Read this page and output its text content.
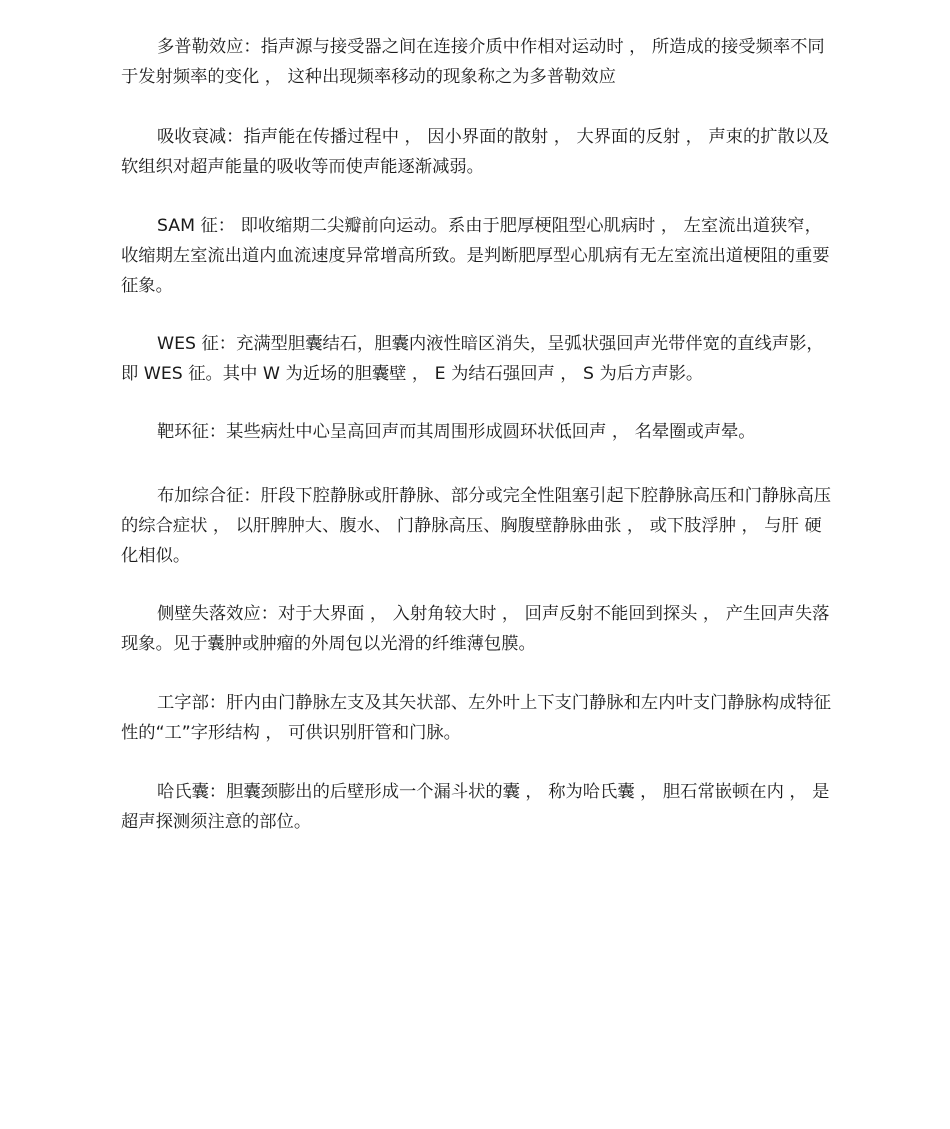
多普勒效应：指声源与接受器之间在连接介质中作相对运动时 ， 所造成的接受频率不同于发射频率的变化 ， 这种出现频率移动的现象称之为多普勒效应

吸收衰减：指声能在传播过程中 ， 因小界面的散射 ， 大界面的反射 ， 声束的扩散以及软组织对超声能量的吸收等而使声能逐渐减弱。

SAM 征： 即收缩期二尖瓣前向运动。系由于肥厚梗阻型心肌病时 ， 左室流出道狭窄，收缩期左室流出道内血流速度异常增高所致。是判断肥厚型心肌病有无左室流出道梗阻的重要征象。

WES 征：充满型胆囊结石，胆囊内液性暗区消失，呈弧状强回声光带伴宽的直线声影，即 WES 征。其中 W 为近场的胆囊壁 ， E 为结石强回声 ， S 为后方声影。

靶环征：某些病灶中心呈高回声而其周围形成圆环状低回声 ， 名晕圈或声晕。

布加综合征：肝段下腔静脉或肝静脉、部分或完全性阻塞引起下腔静脉高压和门静脉高压的综合症状 ， 以肝脾肿大、腹水、 门静脉高压、胸腹壁静脉曲张 ， 或下肢浮肿 ， 与肝 硬化相似。

侧壁失落效应：对于大界面 ， 入射角较大时 ， 回声反射不能回到探头 ， 产生回声失落现象。见于囊肿或肿瘤的外周包以光滑的纤维薄包膜。

工字部：肝内由门静脉左支及其矢状部、左外叶上下支门静脉和左内叶支门静脉构成特征性的“工”字形结构 ， 可供识别肝管和门脉。

哈氏囊：胆囊颈膨出的后壁形成一个漏斗状的囊 ， 称为哈氏囊 ， 胆石常嵌顿在内 ， 是超声探测须注意的部位。
